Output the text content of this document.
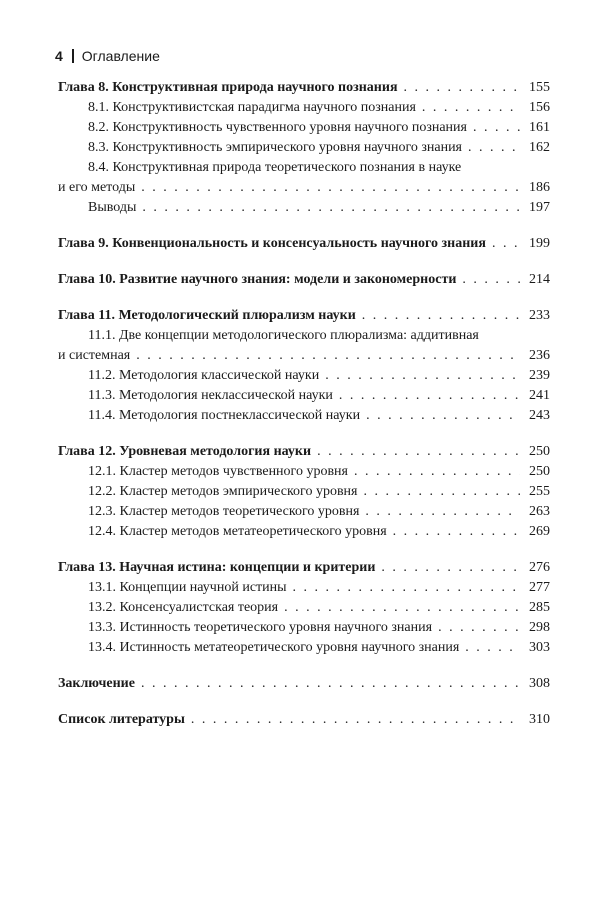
4 Оглавление
Глава 8. Конструктивная природа научного познания . . .	155
8.1. Конструктивистская парадигма научного познания . . .	156
8.2. Конструктивность чувственного уровня научного познания . . .	161
8.3. Конструктивность эмпирического уровня научного знания . . .	162
8.4. Конструктивная природа теоретического познания в науке
и его методы . . .	186
Выводы . . .	197
Глава 9. Конвенциональность и консенсуальность научного знания . . .	199
Глава 10. Развитие научного знания: модели и закономерности . . .	214
Глава 11. Методологический плюрализм науки . . .	233
11.1. Две концепции методологического плюрализма: аддитивная
и системная . . .	236
11.2. Методология классической науки . . .	239
11.3. Методология неклассической науки . . .	241
11.4. Методология постнеклассической науки . . .	243
Глава 12. Уровневая методология науки . . .	250
12.1. Кластер методов чувственного уровня . . .	250
12.2. Кластер методов эмпирического уровня . . .	255
12.3. Кластер методов теоретического уровня . . .	263
12.4. Кластер методов метатеоретического уровня . . .	269
Глава 13. Научная истина: концепции и критерии . . .	276
13.1. Концепции научной истины . . .	277
13.2. Консенсуалистская теория . . .	285
13.3. Истинность теоретического уровня научного знания . . .	298
13.4. Истинность метатеоретического уровня научного знания . . .	303
Заключение . . .	308
Список литературы . . .	310
